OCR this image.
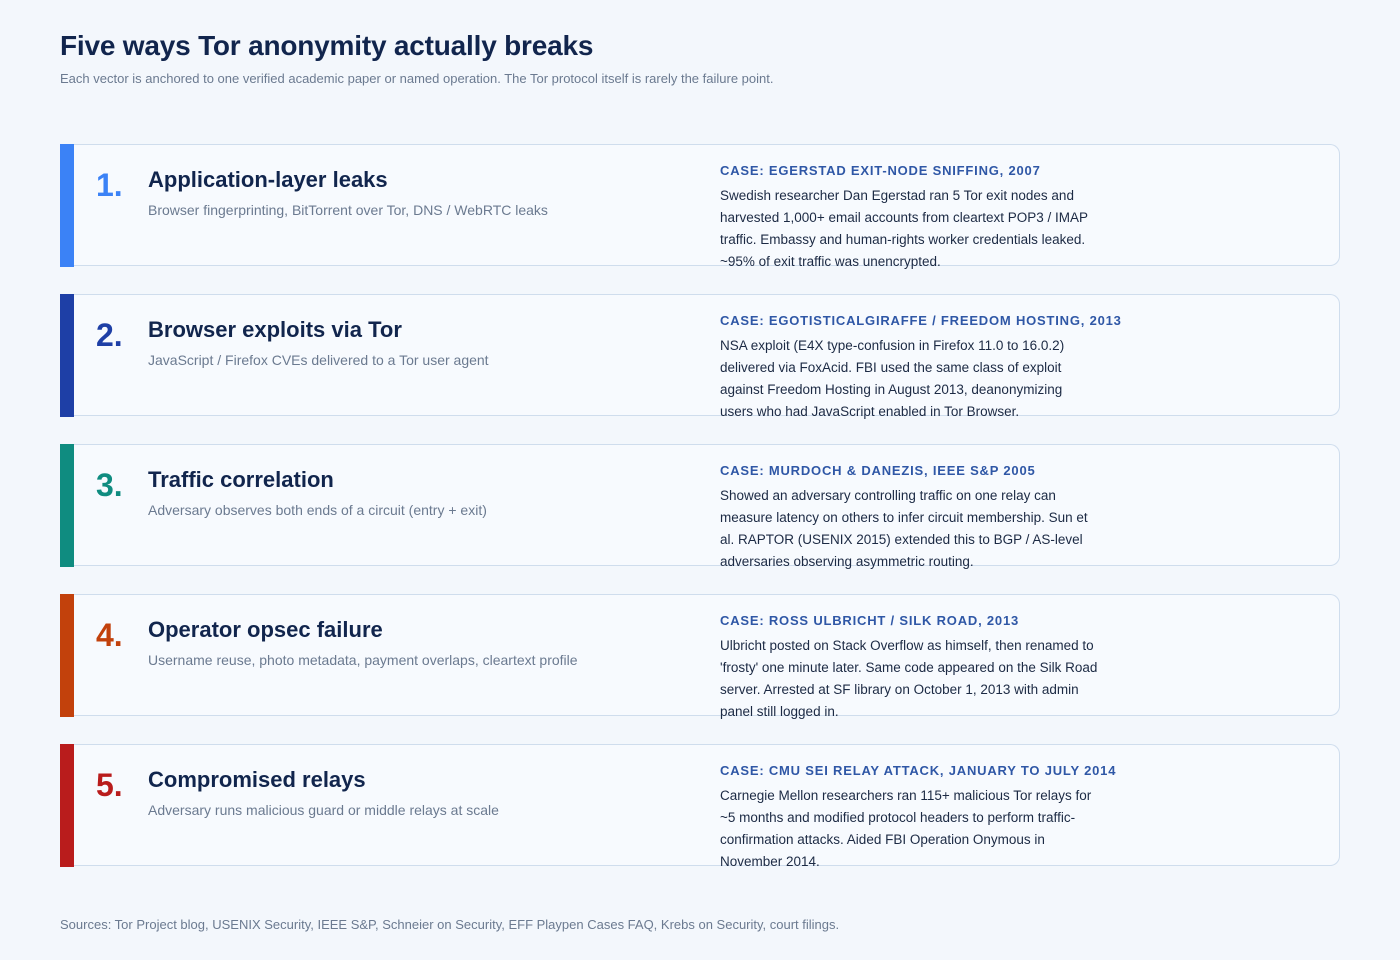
Five ways Tor anonymity actually breaks
Each vector is anchored to one verified academic paper or named operation. The Tor protocol itself is rarely the failure point.
1. Application-layer leaks
Browser fingerprinting, BitTorrent over Tor, DNS / WebRTC leaks
CASE: EGERSTAD EXIT-NODE SNIFFING, 2007
Swedish researcher Dan Egerstad ran 5 Tor exit nodes and harvested 1,000+ email accounts from cleartext POP3 / IMAP traffic. Embassy and human-rights worker credentials leaked. ~95% of exit traffic was unencrypted.
2. Browser exploits via Tor
JavaScript / Firefox CVEs delivered to a Tor user agent
CASE: EGOTISTICALGIRAFFE / FREEDOM HOSTING, 2013
NSA exploit (E4X type-confusion in Firefox 11.0 to 16.0.2) delivered via FoxAcid. FBI used the same class of exploit against Freedom Hosting in August 2013, deanonymizing users who had JavaScript enabled in Tor Browser.
3. Traffic correlation
Adversary observes both ends of a circuit (entry + exit)
CASE: MURDOCH & DANEZIS, IEEE S&P 2005
Showed an adversary controlling traffic on one relay can measure latency on others to infer circuit membership. Sun et al. RAPTOR (USENIX 2015) extended this to BGP / AS-level adversaries observing asymmetric routing.
4. Operator opsec failure
Username reuse, photo metadata, payment overlaps, cleartext profile
CASE: ROSS ULBRICHT / SILK ROAD, 2013
Ulbricht posted on Stack Overflow as himself, then renamed to 'frosty' one minute later. Same code appeared on the Silk Road server. Arrested at SF library on October 1, 2013 with admin panel still logged in.
5. Compromised relays
Adversary runs malicious guard or middle relays at scale
CASE: CMU SEI RELAY ATTACK, JANUARY TO JULY 2014
Carnegie Mellon researchers ran 115+ malicious Tor relays for ~5 months and modified protocol headers to perform traffic-confirmation attacks. Aided FBI Operation Onymous in November 2014.
Sources: Tor Project blog, USENIX Security, IEEE S&P, Schneier on Security, EFF Playpen Cases FAQ, Krebs on Security, court filings.
